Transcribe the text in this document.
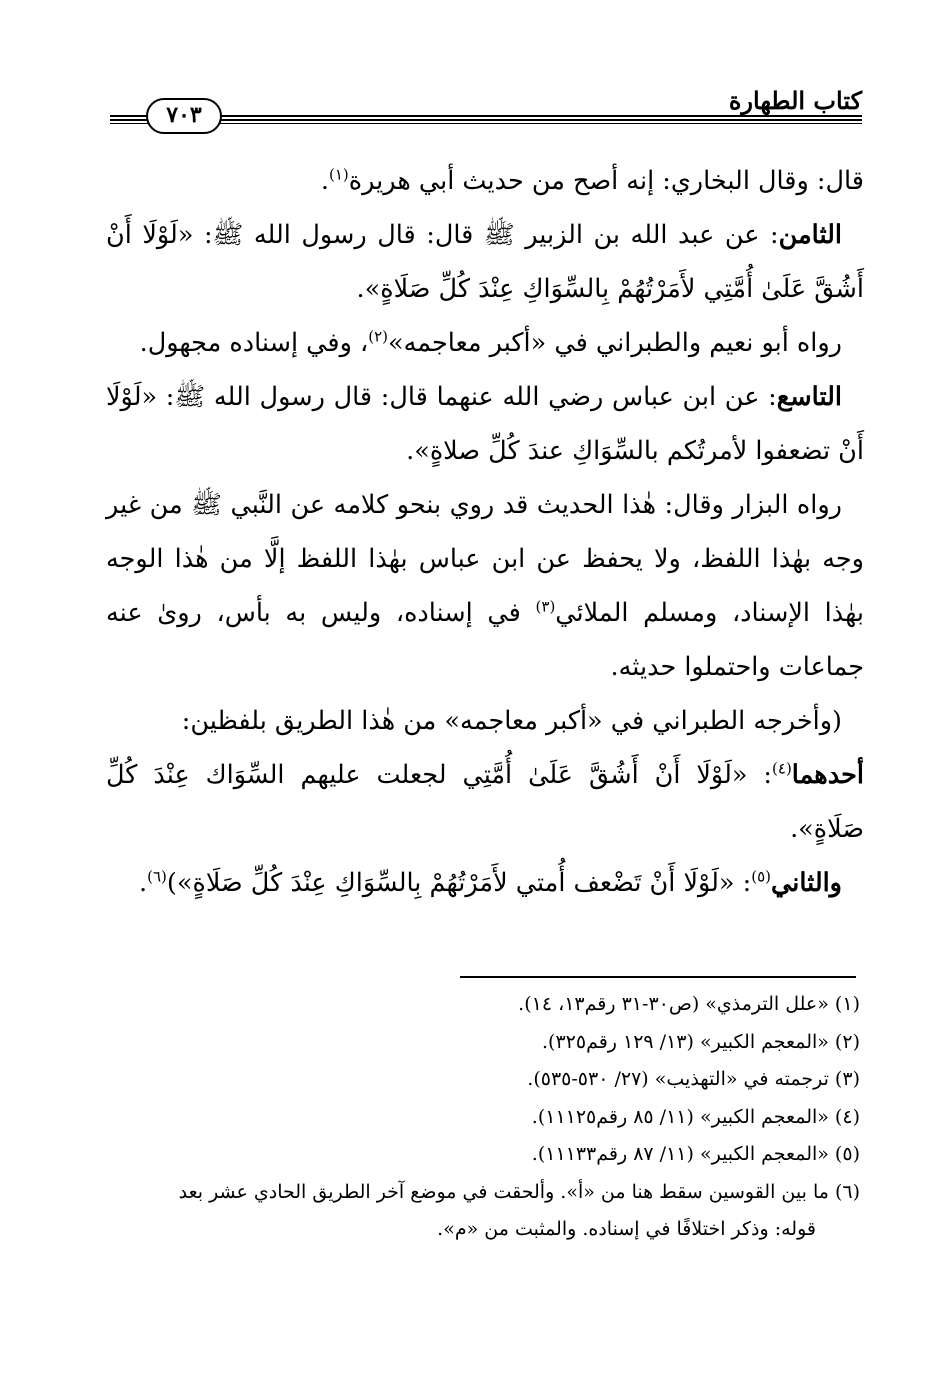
كتاب الطهارة
٧٠٣

قال: وقال البخاري: إنه أصح من حديث أبي هريرة$^{(١)}$.

الثامن: عن عبد الله بن الزبير ﷺ قال: قال رسول الله ﷺ: «لَوْلَا أَنْ أَشُقَّ عَلَىٰ أُمَّتِي لأَمَرْتُهُمْ بِالسِّوَاكِ عِنْدَ كُلِّ صَلَاةٍ».

رواه أبو نعيم والطبراني في «أكبر معاجمه»$^{(٢)}$، وفي إسناده مجهول.

التاسع: عن ابن عباس رضي الله عنهما قال: قال رسول الله ﷺ: «لَوْلَا أَنْ تضعفوا لأمرتُكم بالسِّوَاكِ عندَ كُلِّ صلاةٍ».

رواه البزار وقال: هٰذا الحديث قد روي بنحو كلامه عن النَّبي ﷺ من غير وجه بهٰذا اللفظ، ولا يحفظ عن ابن عباس بهٰذا اللفظ إلَّا من هٰذا الوجه بهٰذا الإسناد، ومسلم الملائي$^{(٣)}$ في إسناده، وليس به بأس، روىٰ عنه جماعات واحتملوا حديثه.

(وأخرجه الطبراني في «أكبر معاجمه» من هٰذا الطريق بلفظين:

أحدهما$^{(٤)}$: «لَوْلَا أَنْ أَشُقَّ عَلَىٰ أُمَّتِي لجعلت عليهم السِّوَاك عِنْدَ كُلِّ صَلَاةٍ».

والثاني$^{(٥)}$: «لَوْلَا أَنْ تَضْعف أُمتي لأَمَرْتُهُمْ بِالسِّوَاكِ عِنْدَ كُلِّ صَلَاةٍ»)$^{(٦)}$.

(١) «علل الترمذي» (ص٣٠-٣١ رقم١٣، ١٤).

(٢) «المعجم الكبير» (١٣/ ١٢٩ رقم٣٢٥).

(٣) ترجمته في «التهذيب» (٢٧/ ٥٣٠-٥٣٥).

(٤) «المعجم الكبير» (١١/ ٨٥ رقم١١١٢٥).

(٥) «المعجم الكبير» (١١/ ٨٧ رقم١١١٣٣).

(٦) ما بين القوسين سقط هنا من «أ». وألحقت في موضع آخر الطريق الحادي عشر بعد

قوله: وذكر اختلافًا في إسناده. والمثبت من «م».
